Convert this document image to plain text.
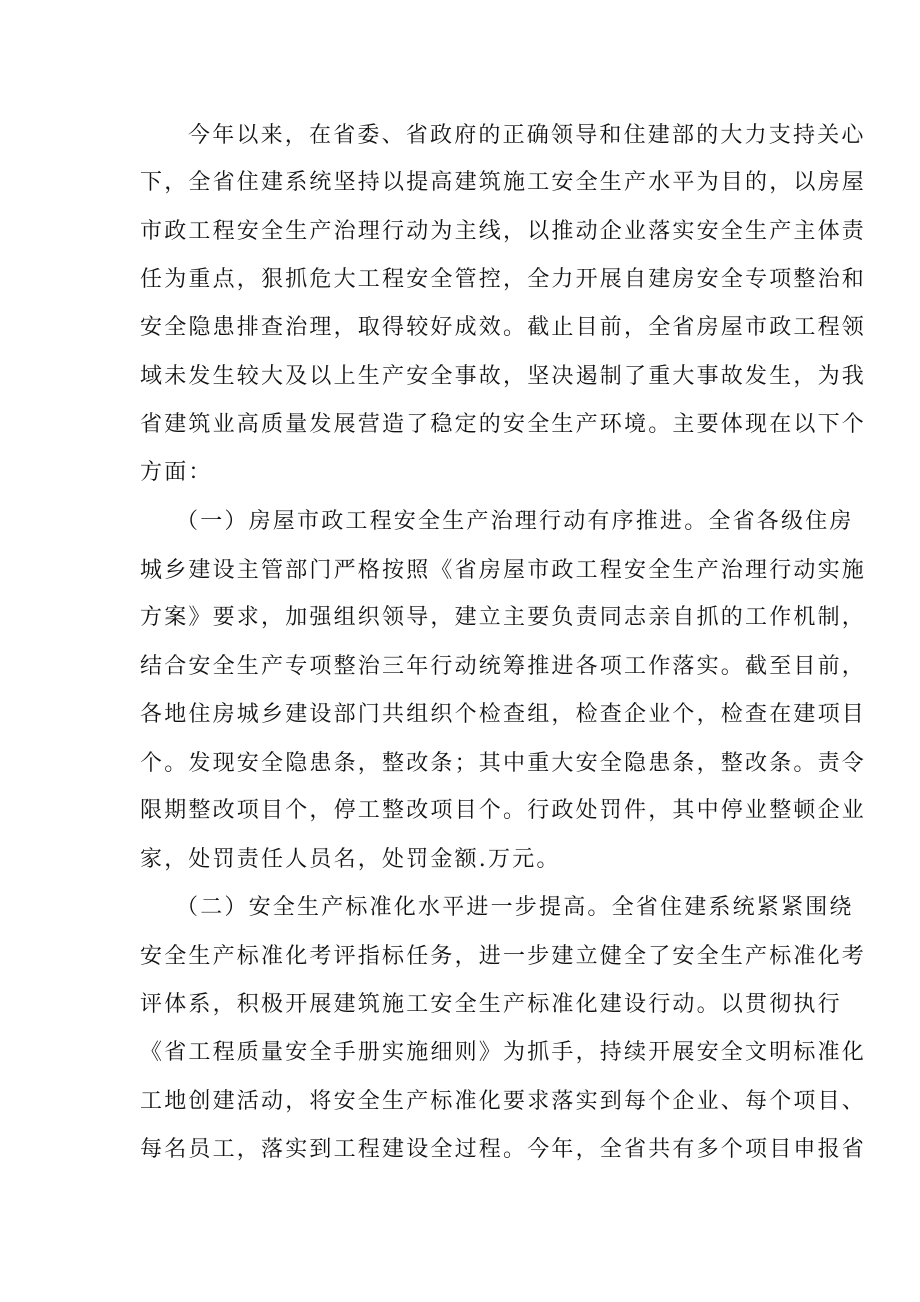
今年以来，在省委、省政府的正确领导和住建部的大力支持关心
下，全省住建系统坚持以提高建筑施工安全生产水平为目的，以房屋
市政工程安全生产治理行动为主线，以推动企业落实安全生产主体责
任为重点，狠抓危大工程安全管控，全力开展自建房安全专项整治和
安全隐患排查治理，取得较好成效。截止目前，全省房屋市政工程领
域未发生较大及以上生产安全事故，坚决遏制了重大事故发生，为我
省建筑业高质量发展营造了稳定的安全生产环境。主要体现在以下个
方面：
（一）房屋市政工程安全生产治理行动有序推进。全省各级住房
城乡建设主管部门严格按照《省房屋市政工程安全生产治理行动实施
方案》要求，加强组织领导，建立主要负责同志亲自抓的工作机制，
结合安全生产专项整治三年行动统筹推进各项工作落实。截至目前，
各地住房城乡建设部门共组织个检查组，检查企业个，检查在建项目
个。发现安全隐患条，整改条；其中重大安全隐患条，整改条。责令
限期整改项目个，停工整改项目个。行政处罚件，其中停业整顿企业
家，处罚责任人员名，处罚金额.万元。
（二）安全生产标准化水平进一步提高。全省住建系统紧紧围绕
安全生产标准化考评指标任务，进一步建立健全了安全生产标准化考
评体系，积极开展建筑施工安全生产标准化建设行动。以贯彻执行
《省工程质量安全手册实施细则》为抓手，持续开展安全文明标准化
工地创建活动，将安全生产标准化要求落实到每个企业、每个项目、
每名员工，落实到工程建设全过程。今年，全省共有多个项目申报省
